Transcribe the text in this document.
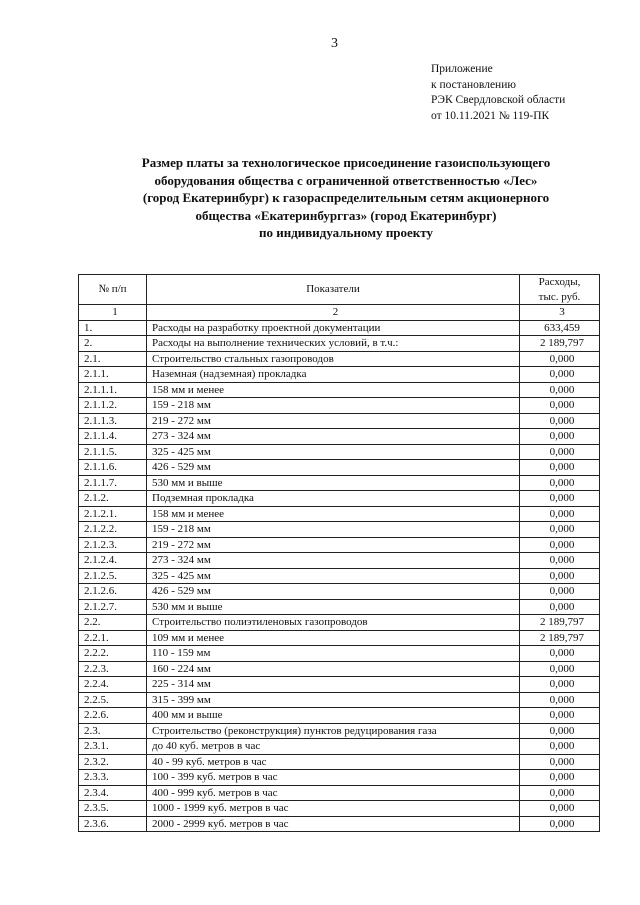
3
Приложение
к постановлению
РЭК Свердловской области
от 10.11.2021 № 119-ПК
Размер платы за технологическое присоединение газоиспользующего
оборудования общества с ограниченной ответственностью «Лес»
(город Екатеринбург) к газораспределительным сетям акционерного
общества «Екатеринбурггаз» (город Екатеринбург)
по индивидуальному проекту
№ п/п	Показатели	Расходы,
тыс. руб.

1	2	3
1.	Расходы на разработку проектной документации	633,459
2.	Расходы на выполнение технических условий, в т.ч.:	2 189,797
2.1.	Строительство стальных газопроводов	0,000
2.1.1.	Наземная (надземная) прокладка	0,000
2.1.1.1.	158 мм и менее	0,000
2.1.1.2.	159 - 218 мм	0,000
2.1.1.3.	219 - 272 мм	0,000
2.1.1.4.	273 - 324 мм	0,000
2.1.1.5.	325 - 425 мм	0,000
2.1.1.6.	426 - 529 мм	0,000
2.1.1.7.	530 мм и выше	0,000
2.1.2.	Подземная прокладка	0,000
2.1.2.1.	158 мм и менее	0,000
2.1.2.2.	159 - 218 мм	0,000
2.1.2.3.	219 - 272 мм	0,000
2.1.2.4.	273 - 324 мм	0,000
2.1.2.5.	325 - 425 мм	0,000
2.1.2.6.	426 - 529 мм	0,000
2.1.2.7.	530 мм и выше	0,000
2.2.	Строительство полиэтиленовых газопроводов	2 189,797
2.2.1.	109 мм и менее	2 189,797
2.2.2.	110 - 159 мм	0,000
2.2.3.	160 - 224 мм	0,000
2.2.4.	225 - 314 мм	0,000
2.2.5.	315 - 399 мм	0,000
2.2.6.	400 мм и выше	0,000
2.3.	Строительство (реконструкция) пунктов редуцирования газа	0,000
2.3.1.	до 40 куб. метров в час	0,000
2.3.2.	40 - 99 куб. метров в час	0,000
2.3.3.	100 - 399 куб. метров в час	0,000
2.3.4.	400 - 999 куб. метров в час	0,000
2.3.5.	1000 - 1999 куб. метров в час	0,000
2.3.6.	2000 - 2999 куб. метров в час	0,000
